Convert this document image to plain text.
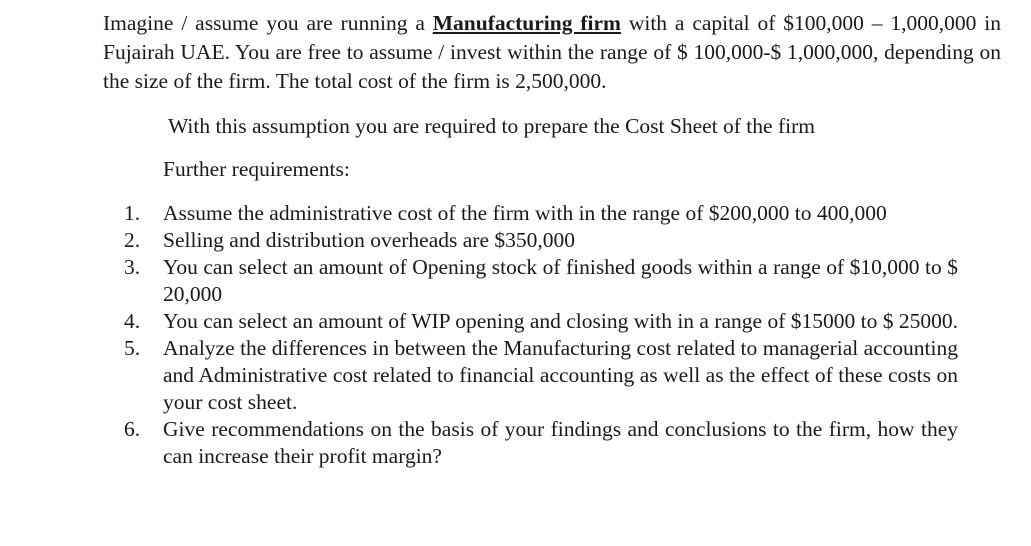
Imagine / assume you are running a Manufacturing firm with a capital of $100,000 – 1,000,000 in Fujairah UAE. You are free to assume / invest within the range of $ 100,000-$ 1,000,000, depending on the size of the firm. The total cost of the firm is 2,500,000.

With this assumption you are required to prepare the Cost Sheet of the firm

Further requirements:

1. Assume the administrative cost of the firm with in the range of $200,000 to 400,000
2. Selling and distribution overheads are $350,000
3. You can select an amount of Opening stock of finished goods within a range of $10,000 to $ 20,000
4. You can select an amount of WIP opening and closing with in a range of $15000 to $ 25000.
5. Analyze the differences in between the Manufacturing cost related to managerial accounting and Administrative cost related to financial accounting as well as the effect of these costs on your cost sheet.
6. Give recommendations on the basis of your findings and conclusions to the firm, how they can increase their profit margin?
